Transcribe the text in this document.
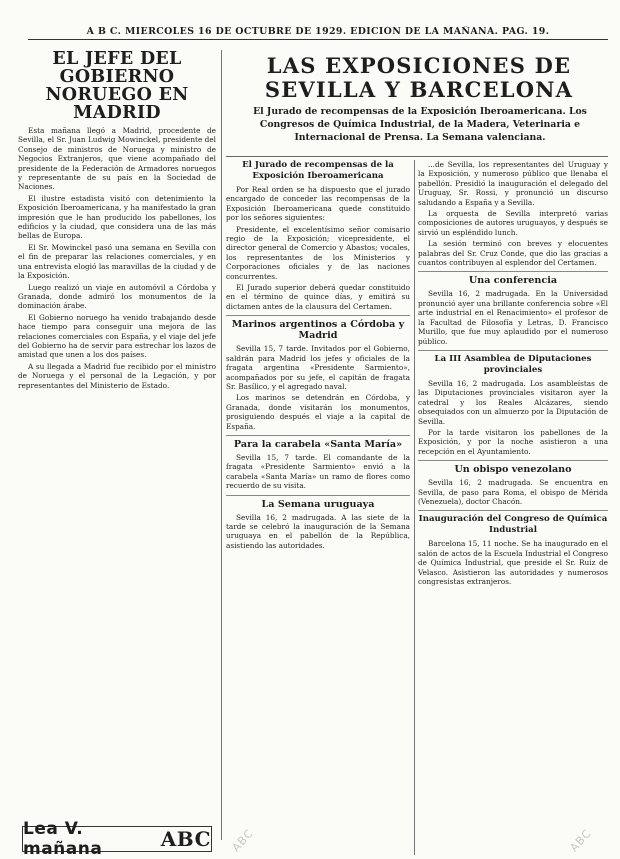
A B C. MIERCOLES 16 DE OCTUBRE DE 1929. EDICIÓN DE LA MAÑANA. PAG. 19.
EL JEFE DEL GOBIERNO NORUEGO EN MADRID

Esta mañana llegó a Madrid, procedente de Sevilla, el Sr. Juan Ludwig Mowinckel, presidente del Consejo de ministros de Noruega y ministro de Negocios Extranjeros, que viene acompañado del presidente de la Federación de Armadores noruegos y representante de su país en la Sociedad de Naciones.

El ilustre estadista visitó con detenimiento la Exposición Iberoamericana, y ha manifestado la gran impresión que le han producido los pabellones, los edificios y la ciudad, que considera una de las más bellas de Europa.

El Sr. Mowinckel pasó una semana en Sevilla con el fin de preparar las relaciones comerciales, y en una entrevista elogió las maravillas de la ciudad y de la Exposición.

Luego realizó un viaje en automóvil a Córdoba y Granada, donde admiró los monumentos de la dominación árabe.

El Gobierno noruego ha venido trabajando desde hace tiempo para conseguir una mejora de las relaciones comerciales con España, y el viaje del jefe del Gobierno ha de servir para estrechar los lazos de amistad que unen a los dos países.

A su llegada a Madrid fue recibido por el ministro de Noruega y el personal de la Legación, y por representantes del Ministerio de Estado.

Lea V. mañana	ABC
LAS EXPOSICIONES DE SEVILLA Y BARCELONA
El Jurado de recompensas de la Exposición Iberoamericana. Los Congresos de Química Industrial, de la Madera, Veterinaria e Internacional de Prensa. La Semana valenciana.
El Jurado de recompensas de la Exposición Iberoamericana

Por Real orden se ha dispuesto que el jurado encargado de conceder las recompensas de la Exposición Iberoamericana quede constituido por los señores siguientes:

Presidente, el excelentísimo señor comisario regio de la Exposición; vicepresidente, el director general de Comercio y Abastos; vocales, los representantes de los Ministerios y Corporaciones oficiales y de las naciones concurrentes.

El Jurado superior deberá quedar constituido en el término de quince días, y emitirá su dictamen antes de la clausura del Certamen.

Marinos argentinos a Córdoba y Madrid

Sevilla 15, 7 tarde. Invitados por el Gobierno, saldrán para Madrid los jefes y oficiales de la fragata argentina «Presidente Sarmiento», acompañados por su jefe, el capitán de fragata Sr. Basílico, y el agregado naval.

Los marinos se detendrán en Córdoba, y Granada, donde visitarán los monumentos, prosiguiendo después el viaje a la capital de España.

Para la carabela «Santa María»

Sevilla 15, 7 tarde. El comandante de la fragata «Presidente Sarmiento» envió a la carabela «Santa María» un ramo de flores como recuerdo de su visita.

La Semana uruguaya

Sevilla 16, 2 madrugada. A las siete de la tarde se celebró la inauguración de la Semana uruguaya en el pabellón de la República, asistiendo las autoridades.

...de Sevilla, los representantes del Uruguay y la Exposición, y numeroso público que llenaba el pabellón. Presidió la inauguración el delegado del Uruguay, Sr. Rossi, y pronunció un discurso saludando a España y a Sevilla.

La orquesta de Sevilla interpretó varias composiciones de autores uruguayos, y después se sirvió un espléndido lunch.

La sesión terminó con breves y elocuentes palabras del Sr. Cruz Conde, que dio las gracias a cuantos contribuyen al esplendor del Certamen.

Una conferencia

Sevilla 16, 2 madrugada. En la Universidad pronunció ayer una brillante conferencia sobre «El arte industrial en el Renacimiento» el profesor de la Facultad de Filosofía y Letras, D. Francisco Murillo, que fue muy aplaudido por el numeroso público.

La III Asamblea de Diputaciones provinciales

Sevilla 16, 2 madrugada. Los asambleístas de las Diputaciones provinciales visitaron ayer la catedral y los Reales Alcázares, siendo obsequiados con un almuerzo por la Diputación de Sevilla.

Por la tarde visitaron los pabellones de la Exposición, y por la noche asistieron a una recepción en el Ayuntamiento.

Un obispo venezolano

Sevilla 16, 2 madrugada. Se encuentra en Sevilla, de paso para Roma, el obispo de Mérida (Venezuela), doctor Chacón.

Inauguración del Congreso de Química Industrial

Barcelona 15, 11 noche. Se ha inaugurado en el salón de actos de la Escuela Industrial el Congreso de Química Industrial, que preside el Sr. Ruiz de Velasco. Asistieron las autoridades y numerosos congresistas extranjeros.

ABC	ABC
